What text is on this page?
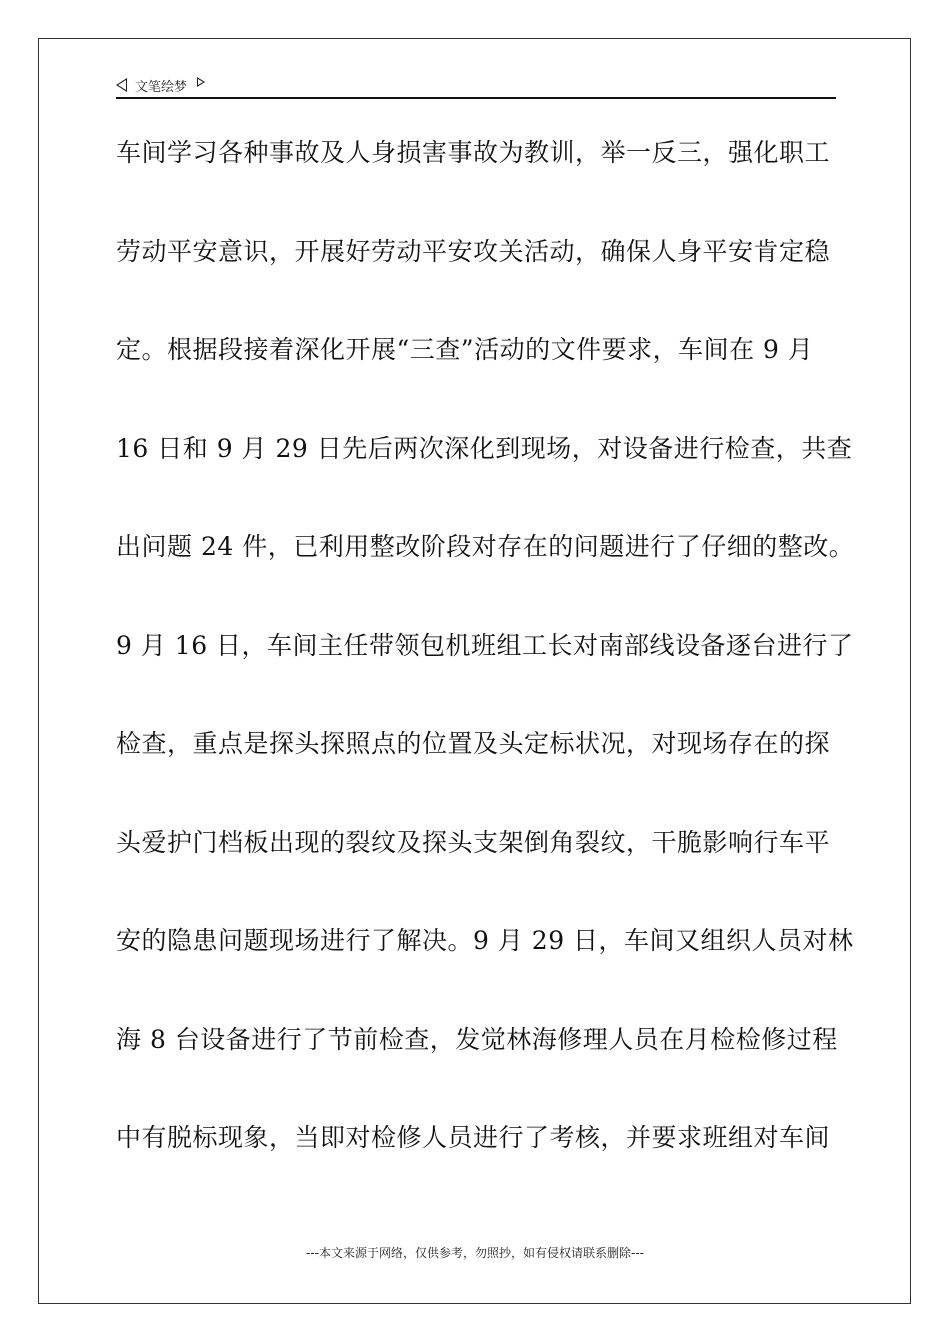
文笔绘梦
车间学习各种事故及人身损害事故为教训，举一反三，强化职工
劳动平安意识，开展好劳动平安攻关活动，确保人身平安肯定稳
定。根据段接着深化开展“三查”活动的文件要求，车间在 9 月
16 日和 9 月 29 日先后两次深化到现场，对设备进行检查，共查
出问题 24 件，已利用整改阶段对存在的问题进行了仔细的整改。
9 月 16 日，车间主任带领包机班组工长对南部线设备逐台进行了
检查，重点是探头探照点的位置及头定标状况，对现场存在的探
头爱护门档板出现的裂纹及探头支架倒角裂纹，干脆影响行车平
安的隐患问题现场进行了解决。9 月 29 日，车间又组织人员对林
海 8 台设备进行了节前检查，发觉林海修理人员在月检检修过程
中有脱标现象，当即对检修人员进行了考核，并要求班组对车间
---本文来源于网络，仅供参考，勿照抄，如有侵权请联系删除---
